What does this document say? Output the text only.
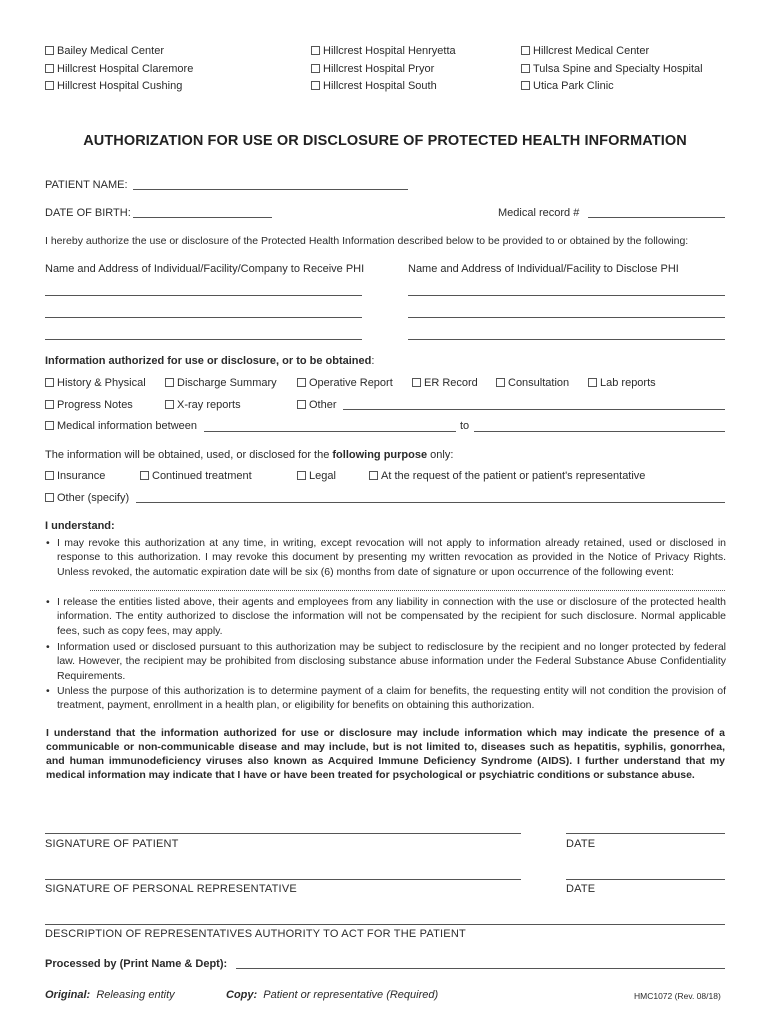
Bailey Medical Center	Hillcrest Hospital Henryetta	Hillcrest Medical Center
Hillcrest Hospital Claremore	Hillcrest Hospital Pryor	Tulsa Spine and Specialty Hospital
Hillcrest Hospital Cushing	Hillcrest Hospital South	Utica Park Clinic
AUTHORIZATION FOR USE OR DISCLOSURE OF PROTECTED HEALTH INFORMATION
PATIENT NAME:
DATE OF BIRTH:	Medical record #
I hereby authorize the use or disclosure of the Protected Health Information described below to be provided to or obtained by the following:
Name and Address of Individual/Facility/Company to Receive PHI	Name and Address of Individual/Facility to Disclose PHI
Information authorized for use or disclosure, or to be obtained:
History & Physical	Discharge Summary	Operative Report	ER Record	Consultation	Lab reports
Progress Notes	X-ray reports	Other
Medical information between	to
The information will be obtained, used, or disclosed for the following purpose only:
Insurance	Continued treatment	Legal	At the request of the patient or patient's representative
Other (specify)
I understand:
• I may revoke this authorization at any time, in writing, except revocation will not apply to information already retained, used or disclosed in response to this authorization. I may revoke this document by presenting my written revocation as provided in the Notice of Privacy Rights. Unless revoked, the automatic expiration date will be six (6) months from date of signature or upon occurrence of the following event:
• I release the entities listed above, their agents and employees from any liability in connection with the use or disclosure of the protected health information. The entity authorized to disclose the information will not be compensated by the recipient for such disclosure. Normal applicable fees, such as copy fees, may apply.
• Information used or disclosed pursuant to this authorization may be subject to redisclosure by the recipient and no longer protected by federal law. However, the recipient may be prohibited from disclosing substance abuse information under the Federal Substance Abuse Confidentiality Requirements.
• Unless the purpose of this authorization is to determine payment of a claim for benefits, the requesting entity will not condition the provision of treatment, payment, enrollment in a health plan, or eligibility for benefits on obtaining this authorization.
I understand that the information authorized for use or disclosure may include information which may indicate the presence of a communicable or non-communicable disease and may include, but is not limited to, diseases such as hepatitis, syphilis, gonorrhea, and human immunodeficiency viruses also known as Acquired Immune Deficiency Syndrome (AIDS). I further understand that my medical information may indicate that I have or have been treated for psychological or psychiatric conditions or substance abuse.
SIGNATURE OF PATIENT	DATE
SIGNATURE OF PERSONAL REPRESENTATIVE	DATE
DESCRIPTION OF REPRESENTATIVES AUTHORITY TO ACT FOR THE PATIENT
Processed by (Print Name & Dept):
Original: Releasing entity	Copy: Patient or representative (Required)	HMC1072 (Rev. 08/18)
